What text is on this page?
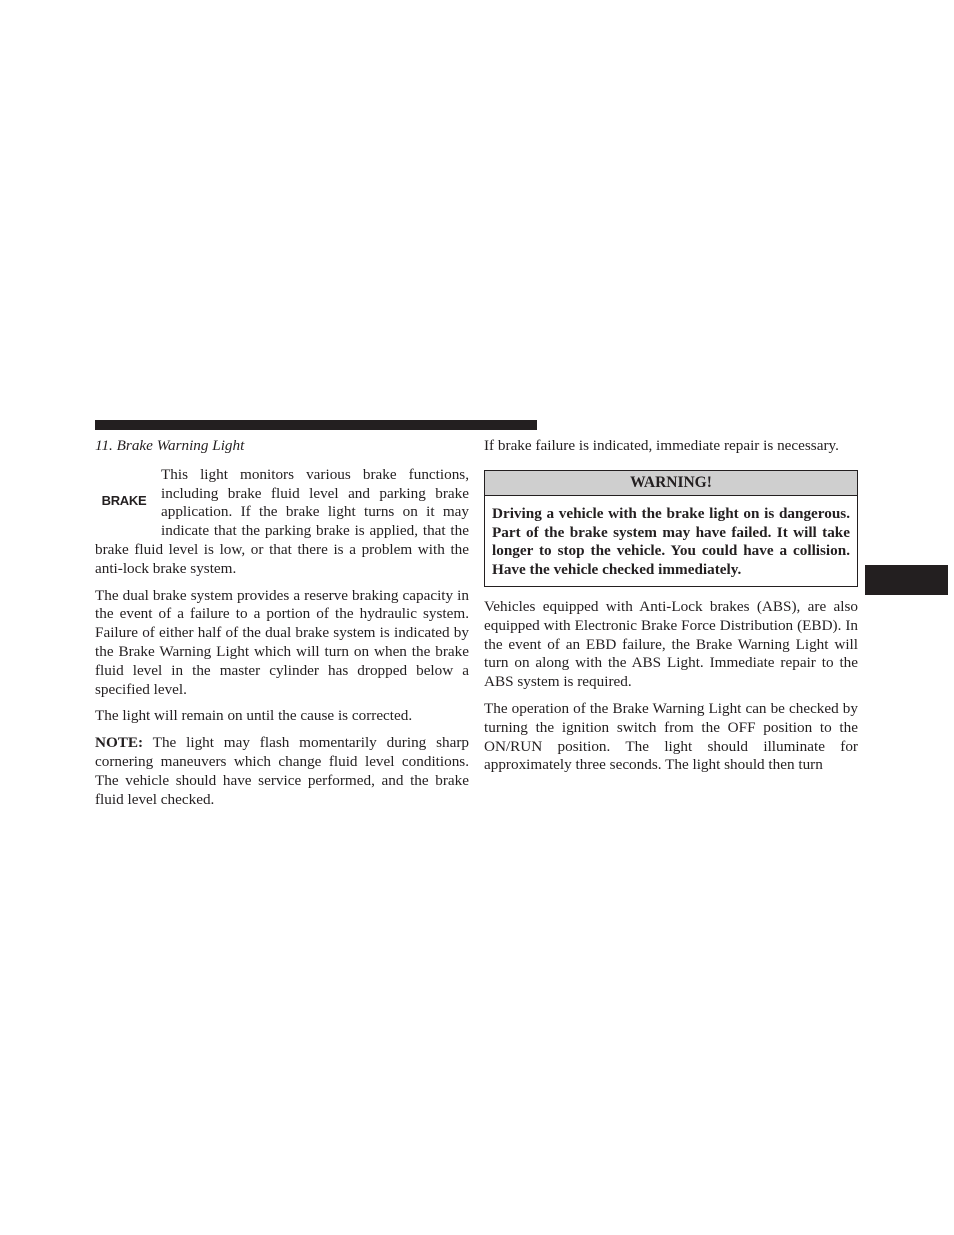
11. Brake Warning Light

BRAKE

This light monitors various brake functions, including brake fluid level and parking brake application. If the brake light turns on it may indicate that the parking brake is applied, that the brake fluid level is low, or that there is a problem with the anti-lock brake system.

The dual brake system provides a reserve braking capacity in the event of a failure to a portion of the hydraulic system. Failure of either half of the dual brake system is indicated by the Brake Warning Light which will turn on when the brake fluid level in the master cylinder has dropped below a specified level.

The light will remain on until the cause is corrected.

NOTE: The light may flash momentarily during sharp cornering maneuvers which change fluid level conditions. The vehicle should have service performed, and the brake fluid level checked.

If brake failure is indicated, immediate repair is necessary.

WARNING!
Driving a vehicle with the brake light on is dangerous. Part of the brake system may have failed. It will take longer to stop the vehicle. You could have a collision. Have the vehicle checked immediately.

Vehicles equipped with Anti-Lock brakes (ABS), are also equipped with Electronic Brake Force Distribution (EBD). In the event of an EBD failure, the Brake Warning Light will turn on along with the ABS Light. Immediate repair to the ABS system is required.

The operation of the Brake Warning Light can be checked by turning the ignition switch from the OFF position to the ON/RUN position. The light should illuminate for approximately three seconds. The light should then turn
